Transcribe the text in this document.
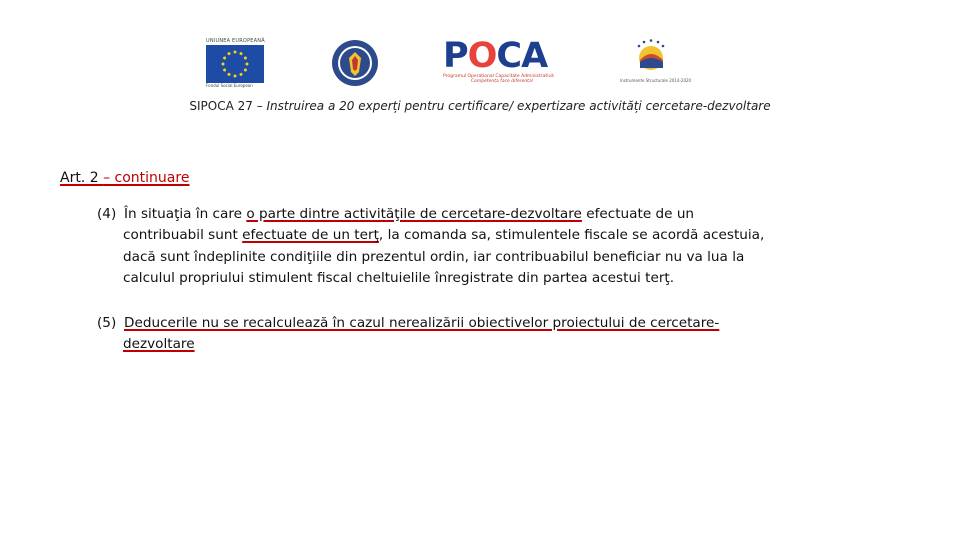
UNIUNEA EUROPEANĂ
Fondul Social European
POCA
Programul Operațional Capacitate Administrativă
Competența face diferența!	Instrumente Structurale 2014-2020
SIPOCA 27 – Instruirea a 20 experți pentru certificare/ expertizare activități cercetare-dezvoltare
Art. 2 – continuare
(4) În situaţia în care o parte dintre activităţile de cercetare-dezvoltare efectuate de un
contribuabil sunt efectuate de un terţ, la comanda sa, stimulentele fiscale se acordă acestuia,
dacă sunt îndeplinite condiţiile din prezentul ordin, iar contribuabilul beneficiar nu va lua la
calculul propriului stimulent fiscal cheltuielile înregistrate din partea acestui terţ.
(5) Deducerile nu se recalculează în cazul nerealizării obiectivelor proiectului de cercetare-
dezvoltare
